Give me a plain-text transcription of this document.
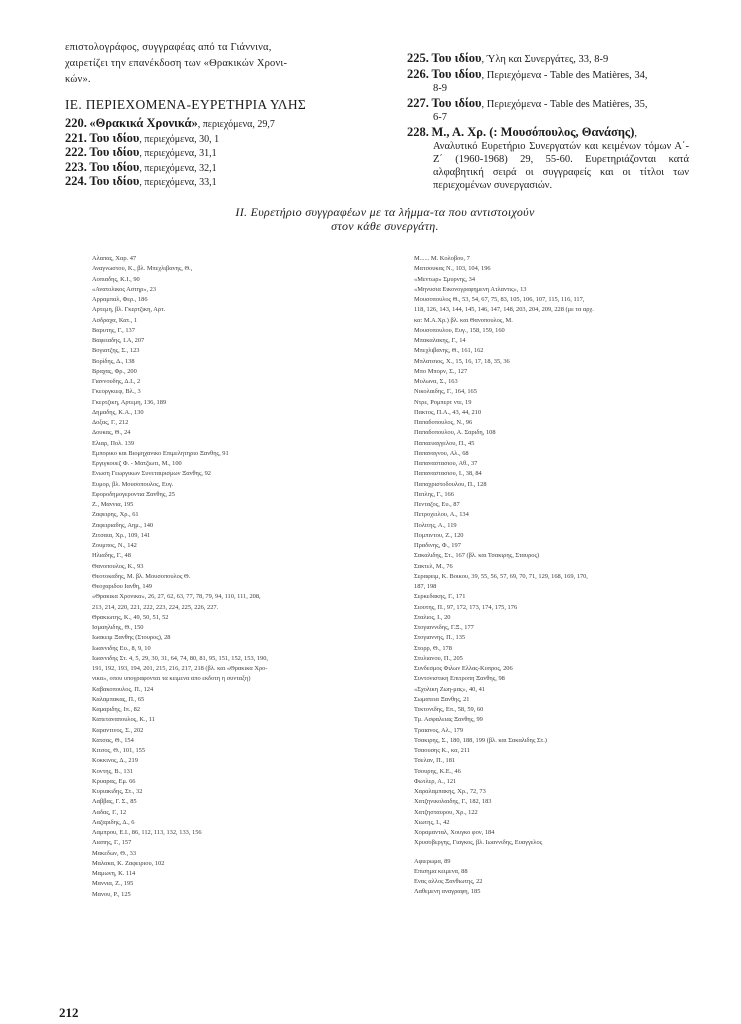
επιστολογράφος, συγγραφέας από τα Γιάννινα,
χαιρετίζει την επανέκδοση των «Θρακικών Χρονι-
κών».
ΙΕ. ΠΕΡΙΕΧΟΜΕΝΑ-ΕΥΡΕΤΗΡΙΑ ΥΛΗΣ
220. «Θρακικά Χρονικά», περιεχόμενα, 29,7
221. Του ιδίου, περιεχόμενα, 30, 1
222. Του ιδίου, περιεχόμενα, 31,1
223. Του ιδίου, περιεχόμενα, 32,1
224. Του ιδίου, περιεχόμενα, 33,1
225. Του ιδίου, Ύλη και Συνεργάτες, 33, 8-9
226. Του ιδίου, Περιεχόμενα - Table des Matières, 34,
8-9
227. Του ιδίου, Περιεχόμενα - Table des Matières, 35,
6-7
228. Μ., Α. Χρ. (: Μουσόπουλος, Θανάσης),
Αναλυτικό Ευρετήριο Συνεργατών και κειμένων τόμων Α΄-Ζ΄ (1960-1968) 29, 55-60. Ευρετηριάζονται κατά αλφαβητική σειρά οι συγγραφείς και οι τίτλοι των περιεχομένων συνεργασιών.
ΙΙ. Ευρετήριο συγγραφέων με τα λήμμα-τα που αντιστοιχούν στον κάθε συνεργάτη.
Αλαπας, Χαρ. 47
Αναγνωστου, Κ., βλ. Μπεχλιβανης, Θ.,
Αοπιαδης, Κ.Ι., 90
«Ανατολικος Αστηρ», 23
Αρραμπαλ, Φερ., 186
Αρτεμη, βλ. Γκερτζικη, Αρτ.
Ασδραχα, Κατ., 1
Βαρυτης, Γ., 137
Βαφειαδης, Ι.Α, 207
Βογιατζης, Σ., 123
Βορίδης, Δ., 138
Βραχας, Φρ., 200
Γιαννουδης, Δ.Ι., 2
Γκεοργκιεφ, Βλ., 3
Γκερτζικη, Αρτεμη, 136, 189
Δημαδης, Κ.Α., 130
Δοξας, Γ., 212
Δουκας, Θ., 24
Ελιαρ, Πολ. 139
Εμπορικο και Βιομηχανικο Επιμελητηριο Ξανθης, 91
Εργιγκουεζ Φ. - Ματζιωτι, Μ., 100
Ενωση Γεωργικων Συνεταιρισμων Ξανθης, 92
Ευμορ, βλ. Μουσοπουλος, Ευγ.
Εφοροδημογεροντια Ξανθης, 25
Ζ., Μαννια, 195
Ζαφειρης, Χρ., 61
Ζαφειριαδης, Αημ., 140
Ζιτσαια, Χρ., 109, 141
Ζουμπος, Ν., 142
Ηλιαδης, Γ., 48
Θανοπουλος, Κ., 93
Θεοτοκαδης, Μ. βλ. Μουσοπουλος Θ.
Θεοχαριδου Ιανθη, 149
«Θρακικα Χρονικα», 26, 27, 62, 63, 77, 78, 79, 94, 110, 111, 208,
213, 214, 220, 221, 222, 223, 224, 225, 226, 227.
Θρακιωτης, Κ., 49, 50, 51, 52
Ισμαηλιδης, Θ., 150
Ιωακειμ Ξανθης (Στουρος), 28
Ιωαννιδης Ευ., 8, 9, 10
Ιωαννιδης Στ. 4, 5, 29, 30, 31, 64, 74, 80, 81, 95, 151, 152, 153, 190,
191, 192, 193, 194, 201, 215, 216, 217, 218 (βλ. και «Θρακικα Χρο-
νικα», οπου υπογραφονται τα κειμενα απο εκδοτη η συνταξη)
Καβακοπουλος, Π., 124
Καλαμπακας, Π., 65
Καμαριδης, Ιπ., 82
Καπεταναπουλος, Κ., 11
Καραντινος, Σ., 202
Κατσας, Θ., 154
Κιτσος, Θ., 101, 155
Κοκκινος, Δ., 219
Κοντης, Β., 131
Κρυαρας, Εμ. 66
Κυριακιδης, Στ., 32
Λαββας, Γ. Σ., 85
Λαδας, Γ., 12
Λαζαριδης, Δ., 6
Λαμπρου, Ε.Ι., 86, 112, 113, 132, 133, 156
Λιαπης, Γ., 157
Μακεδων, Θ., 33
Μαλακα, Κ. Ζαφειριου, 102
Μαμωνη, Κ. 114
Μαννια, Ζ., 195
Μανου, Ρ., 125
Μ...... Μ. Κολοβου, 7
Ματσουκας Ν., 103, 104, 196
«Μεντωρ» Σμυρνης, 34
«Μηνυσια Εικονογραφημενη Ατλαντις», 13
Μουσοπουλος Θ., 53, 54, 67, 75, 83, 105, 106, 107, 115, 116, 117,
118, 126, 143, 144, 145, 146, 147, 148, 203, 204, 209, 228 (με τα αρχ.
κα: Μ.Α.Χρ.) βλ. και Θανοπουλος, Μ.
Μουσοπουλου, Ευγ., 158, 159, 160
Μπακαλακης, Γ., 14
Μπεχλιβανης, Θ., 161, 162
Μπλατσιος, Χ., 15, 16, 17, 18, 35, 36
Μπο Μπορν, Σ., 127
Μυλωνα, Σ., 163
Νικολαιδης, Γ., 164, 165
Ντρε, Ρομπερτ ντε, 19
Πακτος, Π.Α., 43, 44, 210
Παπαδοπουλος, Ν., 96
Παπαδοπουλου, Α. Σαριδη, 108
Παπαευαγγελου, Π., 45
Παπαναγνου, Αλ., 68
Παπαναστασιου, Αθ., 37
Παπαναστασιου, Ι., 38, 84
Παπαχριστοδουλου, Π., 128
Πατλης, Γ., 166
Πενταζος, Ευ., 87
Πετροχειλου, Α., 134
Πολιτης, Α., 119
Πομπιντου, Ζ., 120
Πραδινης, Φ., 197
Σακαλιδης, Στ., 167 (βλ. και Τσακιρης, Σταυρος)
Σακτελ, Μ., 76
Σεραφειμ, Κ. Βοικου, 39, 55, 56, 57, 69, 70, 71, 129, 168, 169, 170,
187, 198
Σερκεδακης, Γ., 171
Σιουτης, Π., 97, 172, 173, 174, 175, 176
Σταλιος, Ι., 20
Στογιαννιδης, Γ.Ξ., 177
Στογιαννης, Π., 135
Στορρ, Θ., 178
Στυλιανου, Π., 205
Συνδεσμος Φιλων Ελλας-Κυπρος, 206
Συντονιστικη Επιτροπη Ξανθης, 98
«Σχολικη Ζωη-μας», 40, 41
Σωματεια Ξανθης, 21
Τεκτονιδης, Επ., 58, 59, 60
Τμ. Ασφαλειας Ξανθης, 99
Τραιανος, Αλ., 179
Τσακιρης, Σ., 180, 188, 199 (βλ. και Σακαλιδης Στ.)
Τσαουσης Κ., κα, 211
Τσελαν, Π., 181
Τσουρης, Κ.Ε., 46
Φωτλερ, Α., 121
Χαραλαμπακης, Χρ., 72, 73
Χατζηνικολαιδης, Γ., 182, 183
Χατζησταυρου, Χρ., 122
Χιωτης, Ι., 42
Χοραμανταλ, Χουγκο φον, 184
Χρυσοβεργης, Γιαγκος, βλ. Ιωαννιδης, Ευαγγελος
Αφιερωμα, 89
Επισημα κειμενα, 88
Ενας αλλος Ξανθιωτης, 22
Λαθεμενη αναγραφη, 185
212
